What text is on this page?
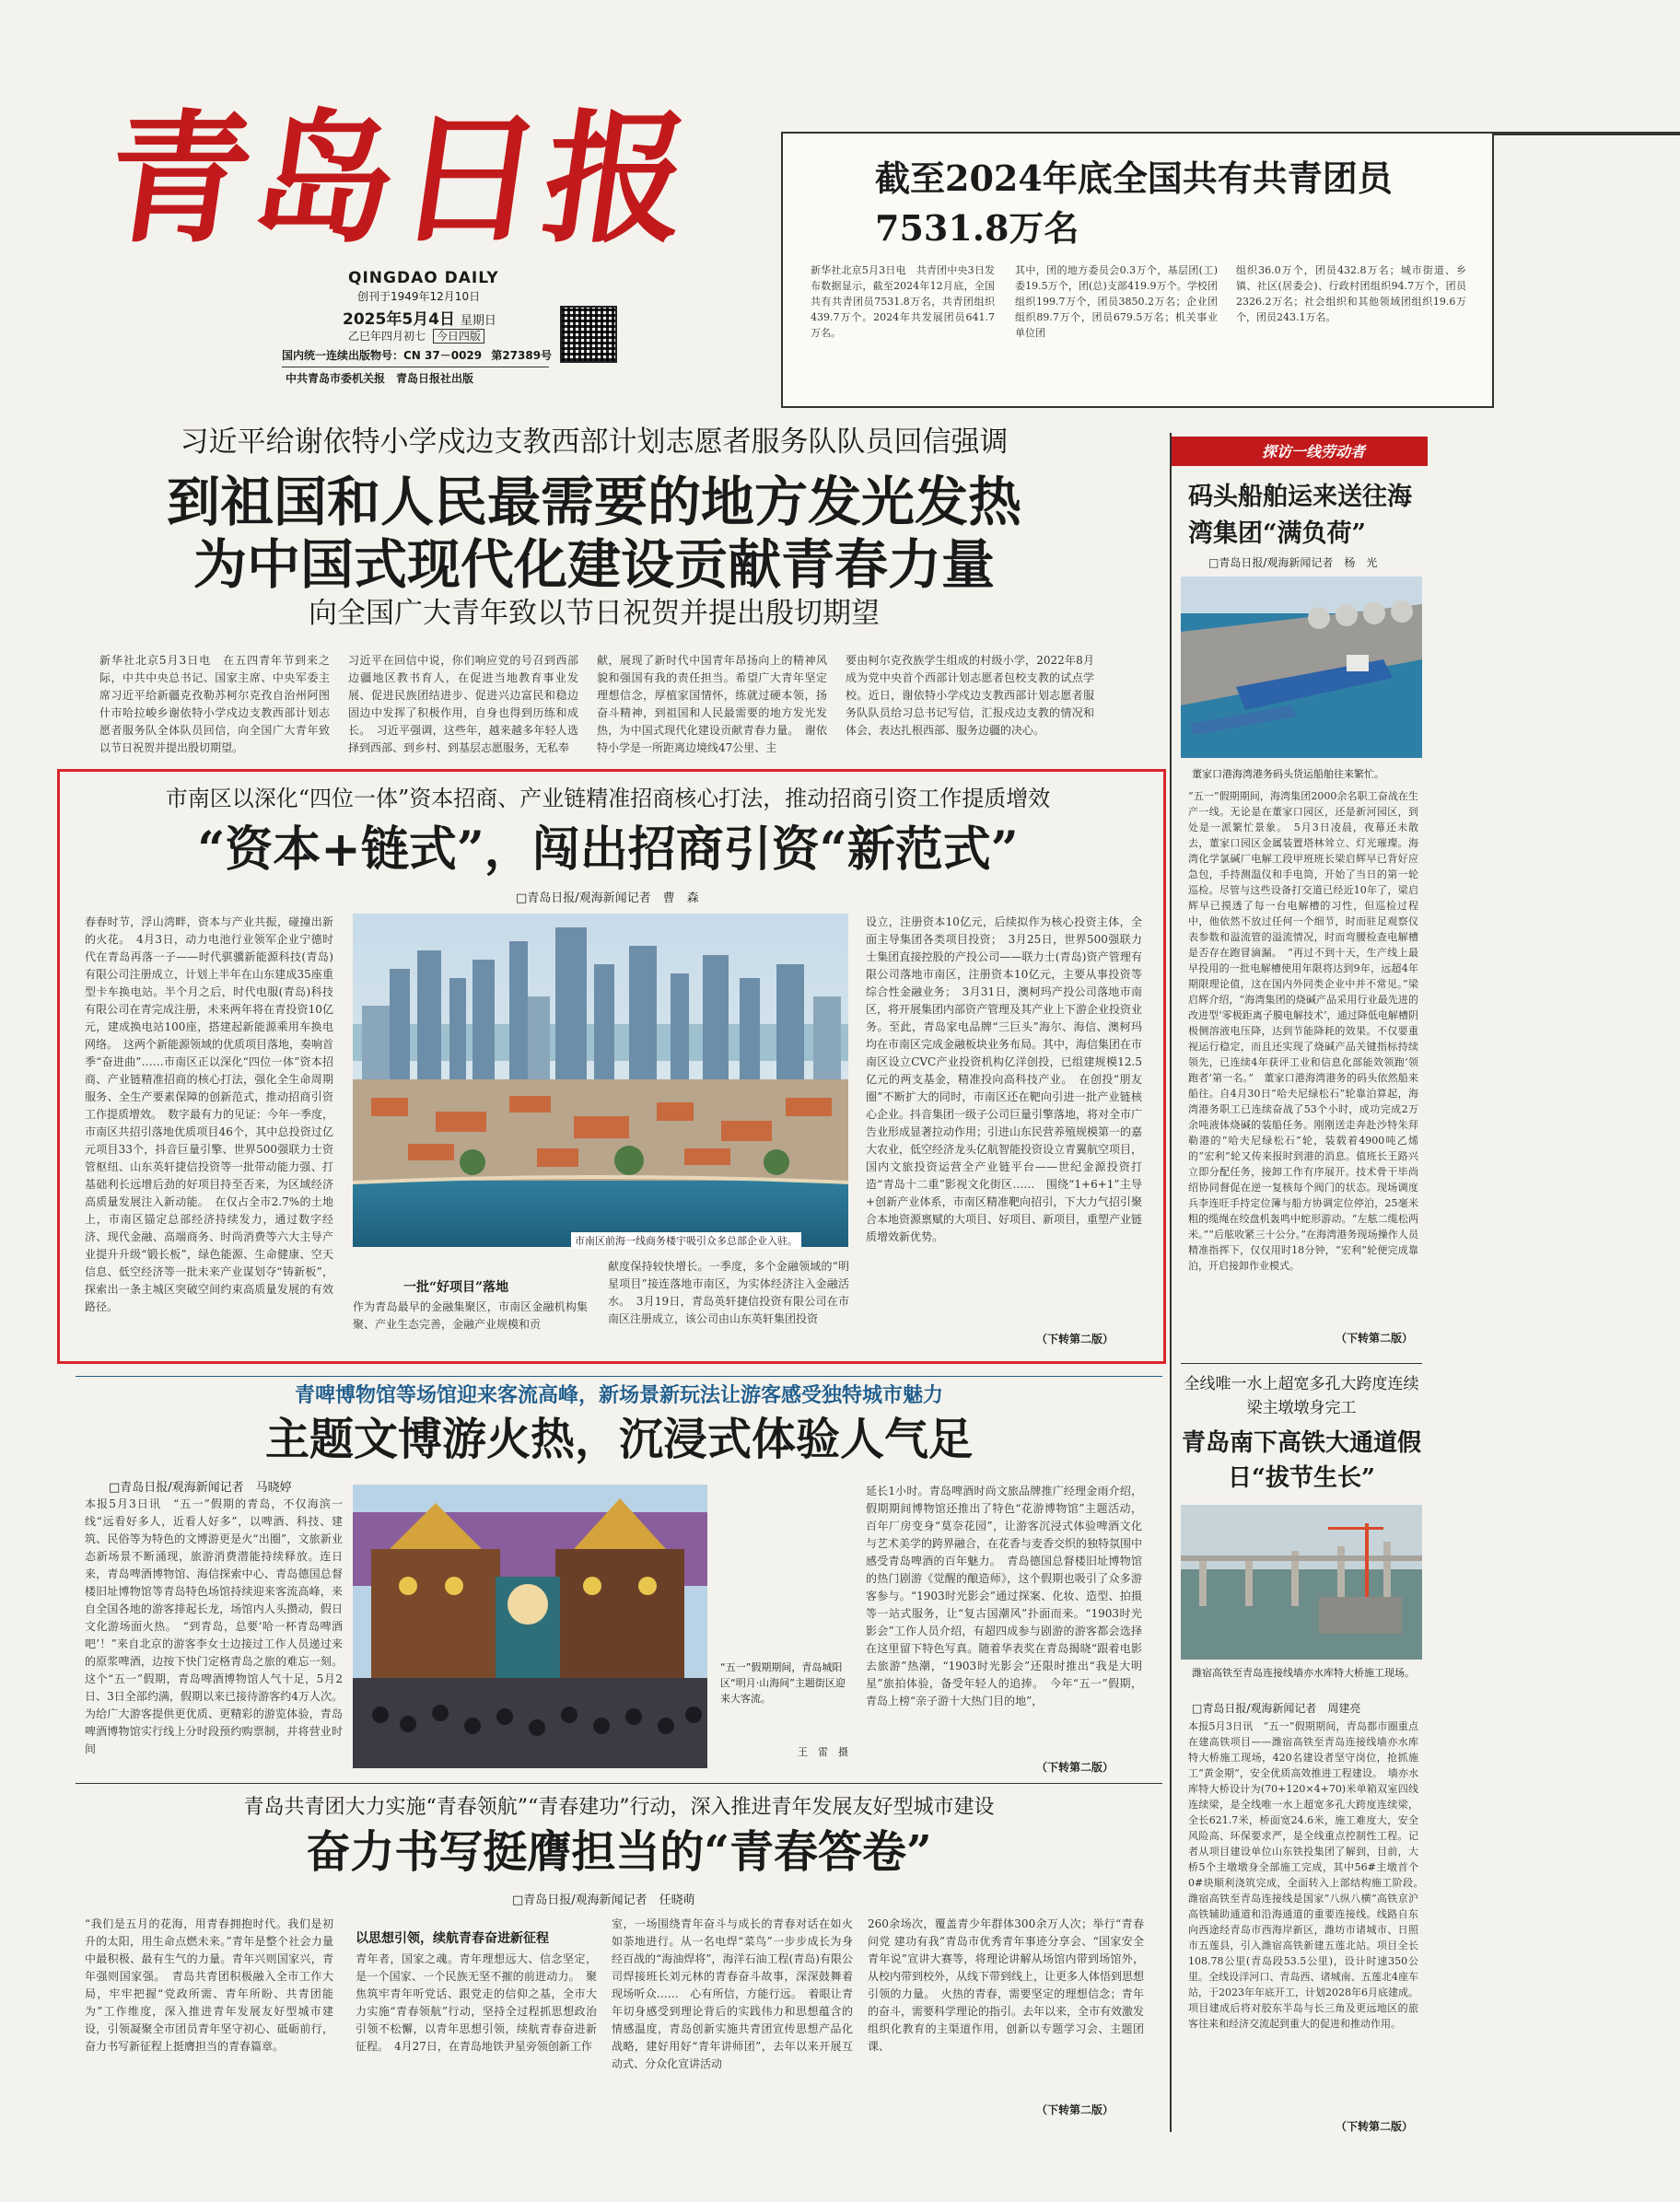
青岛日报
QINGDAO DAILY
创刊于1949年12月10日
2025年5月4日 星期日
乙巳年四月初七 今日四版
国内统一连续出版物号：CN 37－0029 第27389号
中共青岛市委机关报　青岛日报社出版
截至2024年底全国共有共青团员7531.8万名
新华社北京5月3日电　共青团中央3日发布数据显示，截至2024年12月底，全国共有共青团员7531.8万名，共青团组织439.7万个。2024年共发展团员641.7万名。
其中，团的地方委员会0.3万个，基层团(工)委19.5万个，团(总)支部419.9万个。学校团组织199.7万个，团员3850.2万名；企业团组织89.7万个，团员679.5万名；机关事业单位团
组织36.0万个，团员432.8万名；城市街道、乡镇、社区(居委会)、行政村团组织94.7万个，团员2326.2万名；社会组织和其他领域团组织19.6万个，团员243.1万名。
习近平给谢依特小学戍边支教西部计划志愿者服务队队员回信强调
到祖国和人民最需要的地方发光发热
为中国式现代化建设贡献青春力量
向全国广大青年致以节日祝贺并提出殷切期望
新华社北京5月3日电　在五四青年节到来之际，中共中央总书记、国家主席、中央军委主席习近平给新疆克孜勒苏柯尔克孜自治州阿图什市哈拉峻乡谢依特小学戍边支教西部计划志愿者服务队全体队员回信，向全国广大青年致以节日祝贺并提出殷切期望。
习近平在回信中说，你们响应党的号召到西部边疆地区教书育人，在促进当地教育事业发展、促进民族团结进步、促进兴边富民和稳边固边中发挥了积极作用，自身也得到历练和成长。　习近平强调，这些年，越来越多年轻人选择到西部、到乡村、到基层志愿服务，无私奉
献，展现了新时代中国青年昂扬向上的精神风貌和强国有我的责任担当。希望广大青年坚定理想信念，厚植家国情怀，练就过硬本领，扬奋斗精神，到祖国和人民最需要的地方发光发热，为中国式现代化建设贡献青春力量。　谢依特小学是一所距离边境线47公里、主
要由柯尔克孜族学生组成的村级小学，2022年8月成为党中央首个西部计划志愿者包校支教的试点学校。近日，谢依特小学戍边支教西部计划志愿者服务队队员给习总书记写信，汇报戍边支教的情况和体会，表达扎根西部、服务边疆的决心。
市南区以深化“四位一体”资本招商、产业链精准招商核心打法，推动招商引资工作提质增效
“资本+链式”，闯出招商引资“新范式”
□青岛日报/观海新闻记者　曹　森
春春时节，浮山湾畔，资本与产业共振，碰撞出新的火花。　4月3日，动力电池行业领军企业宁德时代在青岛再落一子——时代骐骥新能源科技(青岛)有限公司注册成立，计划上半年在山东建成35座重型卡车换电站。半个月之后，时代电服(青岛)科技有限公司在青完成注册，未来两年将在青投资10亿元，建成换电站100座，搭建起新能源乘用车换电网络。　这两个新能源领域的优质项目落地，奏响首季“奋进曲”……市南区正以深化“四位一体”资本招商、产业链精准招商的核心打法，强化全生命周期服务、全生产要素保障的创新范式，推动招商引资工作提质增效。　数字最有力的见证：今年一季度，市南区共招引落地优质项目46个，其中总投资过亿元项目33个，抖音巨量引擎、世界500强联力士资管枢纽、山东英轩捷信投资等一批带动能力强、打基础利长远增后劲的好项目持至否来，为区域经济高质量发展注入新动能。　在仅占全市2.7%的土地上，市南区锚定总部经济持续发力，通过数字经济、现代金融、高端商务、时尚消费等六大主导产业提升升级“锻长板”，绿色能源、生命健康、空天信息、低空经济等一批未来产业谋划夺“铸新板”，探索出一条主城区突破空间约束高质量发展的有效路径。
市南区前海一线商务楼宇吸引众多总部企业入驻。
一批“好项目”落地
作为青岛最早的金融集聚区，市南区金融机构集聚、产业生态完善，金融产业规模和贡
献度保持较快增长。一季度，多个金融领域的“明星项目”接连落地市南区，为实体经济注入金融活水。　3月19日，青岛英轩捷信投资有限公司在市南区注册成立，该公司由山东英轩集团投资
设立，注册资本10亿元，后续拟作为核心投资主体，全面主导集团各类项目投资；　3月25日，世界500强联力士集团直接控股的产投公司——联力士(青岛)资产管理有限公司落地市南区，注册资本10亿元，主要从事投资等综合性金融业务；　3月31日，澳柯玛产投公司落地市南区，将开展集团内部资产管理及其产业上下游企业投资业务。至此，青岛家电品牌“三巨头”海尔、海信、澳柯玛均在市南区完成金融板块业务布局。其中，海信集团在市南区设立CVC产业投资机构亿洋创投，已组建规模12.5亿元的两支基金，精准投向高科技产业。　在创投“朋友圈”不断扩大的同时，市南区还在靶向引进一批产业链核心企业。抖音集团一级子公司巨量引擎落地，将对全市广告业形成显著拉动作用；引进山东民营养殖规模第一的嘉大农业，低空经济龙头亿航智能投资设立青翼航空项目，国内文旅投资运营全产业链平台——世纪金源投资打造“青岛十二重”影视文化街区……　围绕“1+6+1”主导+创新产业体系，市南区精准靶向招引，下大力气招引聚合本地资源禀赋的大项目、好项目、新项目，重塑产业链质增效新优势。
（下转第二版）
青啤博物馆等场馆迎来客流高峰，新场景新玩法让游客感受独特城市魅力
主题文博游火热，沉浸式体验人气足
□青岛日报/观海新闻记者　马晓婷
本报5月3日讯　“五一”假期的青岛，不仅海滨一线“远看好多人，近看人好多”，以啤酒、科技、建筑、民俗等为特色的文博游更是火“出圈”，文旅新业态新场景不断涌现，旅游消费潜能持续释放。连日来，青岛啤酒博物馆、海信探索中心、青岛德国总督楼旧址博物馆等青岛特色场馆持续迎来客流高峰，来自全国各地的游客排起长龙，场馆内人头攒动，假日文化游场面火热。　“到青岛，总要‘哈一杯青岛啤酒吧’！”来自北京的游客李女士边接过工作人员递过来的原浆啤酒，边按下快门定格青岛之旅的难忘一刻。这个“五一”假期，青岛啤酒博物馆人气十足，5月2日、3日全部约满，假期以来已接待游客约4万人次。为给广大游客提供更优质、更精彩的游览体验，青岛啤酒博物馆实行线上分时段预约购票制，并将营业时间
“五一”假期期间，青岛城阳区“明月·山海间”主题街区迎来大客流。
王　雷　摄
延长1小时。青岛啤酒时尚文旅品牌推广经理金雨介绍，假期期间博物馆还推出了特色“花游博物馆”主题活动，百年厂房变身“莫奈花园”，让游客沉浸式体验啤酒文化与艺术美学的跨界融合，在花香与麦香交织的独特氛围中感受青岛啤酒的百年魅力。　青岛德国总督楼旧址博物馆的热门剧游《觉醒的酿造师》，这个假期也吸引了众多游客参与。“1903时光影会”通过探案、化妆、造型、拍摄等一站式服务，让“复古国潮风”扑面而来。“1903时光影会”工作人员介绍，有超四成参与剧游的游客都会选择在这里留下特色写真。随着华表奖在青岛揭晓“跟着电影去旅游”热潮，“1903时光影会”还限时推出“我是大明星”旅拍体验，备受年轻人的追捧。　今年“五一”假期，青岛上榜“亲子游十大热门目的地”，
（下转第二版）
青岛共青团大力实施“青春领航”“青春建功”行动，深入推进青年发展友好型城市建设
奋力书写挺膺担当的“青春答卷”
□青岛日报/观海新闻记者　任晓萌
“我们是五月的花海，用青春拥抱时代。我们是初升的太阳，用生命点燃未来。”青年是整个社会力量中最积极、最有生气的力量。青年兴则国家兴，青年强则国家强。　青岛共青团积极融入全市工作大局，牢牢把握“党政所需、青年所盼、共青团能为”工作维度，深入推进青年发展友好型城市建设，引领凝聚全市团员青年坚守初心、砥砺前行，奋力书写新征程上挺膺担当的青春篇章。
以思想引领，续航青春奋进新征程
青年者，国家之魂。青年理想远大、信念坚定，是一个国家、一个民族无坚不摧的前进动力。　聚焦筑牢青年听党话、跟党走的信仰之基，全市大力实施“青春领航”行动，坚持全过程抓思想政治引领不松懈，以青年思想引领，续航青春奋进新征程。　4月27日，在青岛地铁尹星旁领创新工作
室，一场围绕青年奋斗与成长的青春对话在如火如荼地进行。从一名电焊“菜鸟”一步步成长为身经百战的“海油焊将”，海洋石油工程(青岛)有限公司焊接班长刘元林的青春奋斗故事，深深鼓舞着现场听众……　心有所信，方能行远。　着眼让青年切身感受到理论背后的实践伟力和思想蕴含的情感温度，青岛创新实施共青团宣传思想产品化战略，建好用好“青年讲师团”，去年以来开展互动式、分众化宣讲活动
260余场次，覆盖青少年群体300余万人次；举行“青春问党 建功有我”青岛市优秀青年事迹分享会、“国家安全青年说”宣讲大赛等，将理论讲解从场馆内带到场馆外，从校内带到校外，从线下带到线上，让更多人体悟到思想引领的力量。　火热的青春，需要坚定的理想信念；青年的奋斗，需要科学理论的指引。去年以来，全市有效激发组织化教育的主渠道作用，创新以专题学习会、主题团课、
（下转第二版）
探访一线劳动者
码头船舶运来送往海湾集团“满负荷”
□青岛日报/观海新闻记者　杨　光
董家口港海湾港务码头货运船舶往来繁忙。
“五一”假期期间，海湾集团2000余名职工奋战在生产一线。无论是在董家口园区，还是新河园区，到处是一派繁忙景象。　5月3日凌晨，夜幕还未散去，董家口园区金属装置塔林耸立、灯光璀璨。海湾化学氯碱厂电解工段甲班班长梁启辉早已背好应急包，手持测温仪和手电筒，开始了当日的第一轮巡检。尽管与这些设备打交道已经近10年了，梁启辉早已摸透了每一台电解槽的习性，但巡检过程中，他依然不放过任何一个细节，时而驻足观察仪表参数和溢流管的溢流情况，时而弯腰检查电解槽是否存在跑冒滴漏。　“再过不到十天，生产线上最早投用的一批电解槽使用年限将达到9年，远超4年期限理论值，这在国内外同类企业中并不常见。”梁启辉介绍，“海湾集团的烧碱产品采用行业最先进的改进型‘零极距离子膜电解技术’，通过降低电解槽阴极侧溶液电压降，达到节能降耗的效果。不仅要重视运行稳定，而且还实现了烧碱产品关键指标持续领先，已连续4年获评工业和信息化部能效领跑‘领跑者’第一名。”　董家口港海湾港务的码头依然船来船往。自4月30日“哈夫尼绿松石”轮靠泊算起，海湾港务职工已连续奋战了53个小时，成功完成2万余吨液体烧碱的装船任务。刚刚送走奔赴沙特朱拜勒港的“哈夫尼绿松石”轮，装载着4900吨乙烯的“宏利”轮又传来报时到港的消息。值班长王路兴立即分配任务，接卸工作有序展开。技术骨干毕尚绍协同督促在逆一复核每个阀门的状态。现场调度兵李连旺手持定位簿与船方协调定位停泊，25毫米粗的缆绳在绞盘机轰鸣中蛇形游动。“左舷二缆松两米。”“后舷收紧三十公分。”在海湾港务现场操作人员精准指挥下，仅仅用时18分钟，“宏利”轮便完成靠泊，开启接卸作业模式。
（下转第二版）
全线唯一水上超宽多孔大跨度连续梁主墩墩身完工
青岛南下高铁大通道假日“拔节生长”
潍宿高铁至青岛连接线墙亦水库特大桥施工现场。
□青岛日报/观海新闻记者　周建亮
本报5月3日讯　“五一”假期期间，青岛都市圈重点在建高铁项目——潍宿高铁至青岛连接线墙亦水库特大桥施工现场，420名建设者坚守岗位，抢抓施工“黄金期”，安全优质高效推进工程建设。　墙亦水库特大桥设计为(70+120×4+70)米单箱双室四线连续梁，是全线唯一水上超宽多孔大跨度连续梁，全长621.7米，桥面宽24.6米，施工难度大，安全风险高、环保要求严，是全线重点控制性工程。记者从项目建设单位山东铁投集团了解到，目前，大桥5个主墩墩身全部施工完成，其中56#主墩首个0#块顺利浇筑完成，全面转入上部结构施工阶段。　潍宿高铁至青岛连接线是国家“八纵八横”高铁京沪高铁辅助通道和沿海通道的重要连接线。线路自东向西途经青岛市西海岸新区，潍坊市诸城市、日照市五莲县，引入潍宿高铁新建五莲北站。项目全长108.78公里(青岛段53.5公里)，设计时速350公里。全线设洋河口、青岛西、诸城南、五莲北4座车站，于2023年年底开工，计划2028年6月底建成。项目建成后将对胶东半岛与长三角及更远地区的旅客往来和经济交流起到重大的促进和推动作用。
（下转第二版）
